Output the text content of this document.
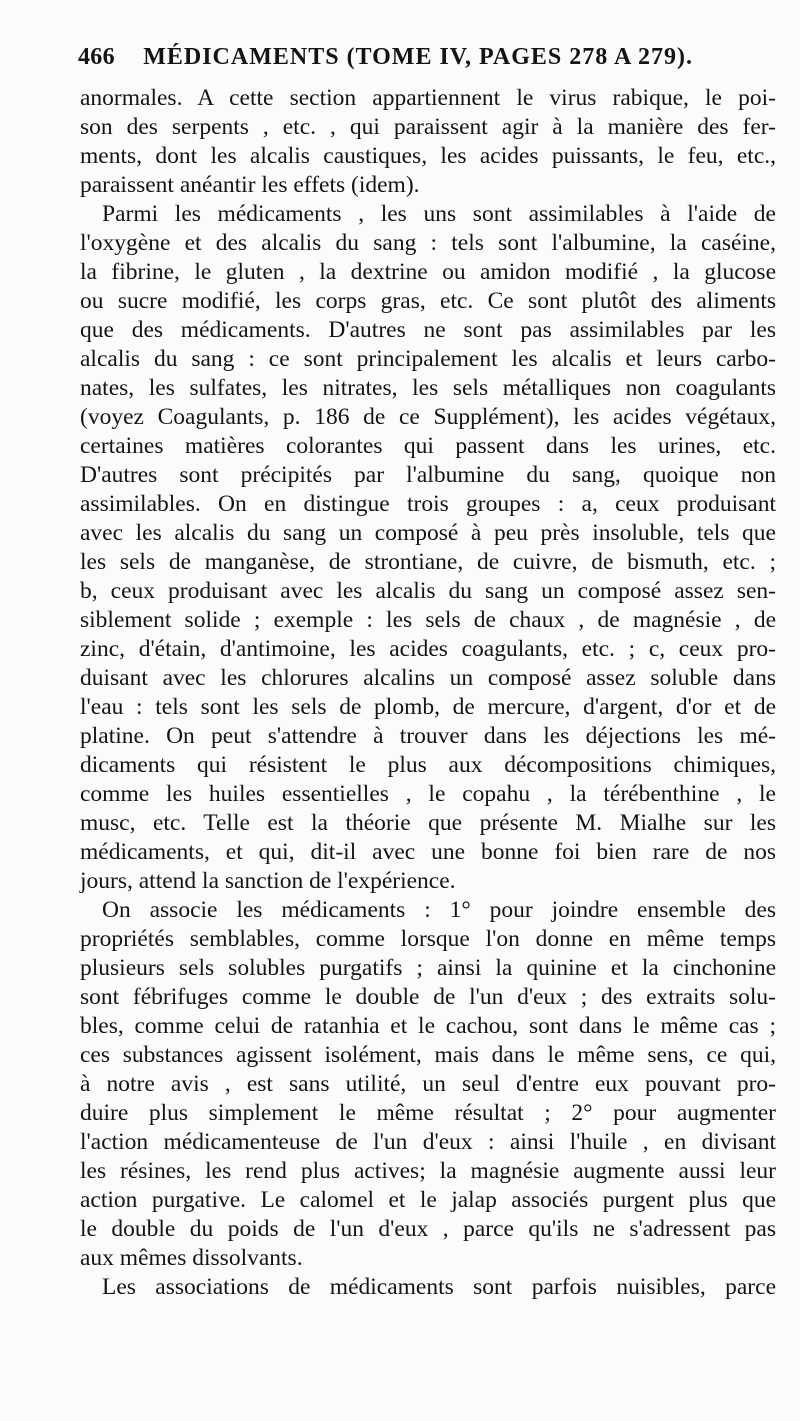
466 MÉDICAMENTS (TOME IV, PAGES 278 A 279).
anormales. A cette section appartiennent le virus rabique, le poi-
son des serpents , etc. , qui paraissent agir à la manière des fer-
ments, dont les alcalis caustiques, les acides puissants, le feu, etc.,
paraissent anéantir les effets (idem).
Parmi les médicaments , les uns sont assimilables à l'aide de
l'oxygène et des alcalis du sang : tels sont l'albumine, la caséine,
la fibrine, le gluten , la dextrine ou amidon modifié , la glucose
ou sucre modifié, les corps gras, etc. Ce sont plutôt des aliments
que des médicaments. D'autres ne sont pas assimilables par les
alcalis du sang : ce sont principalement les alcalis et leurs carbo-
nates, les sulfates, les nitrates, les sels métalliques non coagulants
(voyez Coagulants, p. 186 de ce Supplément), les acides végétaux,
certaines matières colorantes qui passent dans les urines, etc.
D'autres sont précipités par l'albumine du sang, quoique non
assimilables. On en distingue trois groupes : a, ceux produisant
avec les alcalis du sang un composé à peu près insoluble, tels que
les sels de manganèse, de strontiane, de cuivre, de bismuth, etc. ;
b, ceux produisant avec les alcalis du sang un composé assez sen-
siblement solide ; exemple : les sels de chaux , de magnésie , de
zinc, d'étain, d'antimoine, les acides coagulants, etc. ; c, ceux pro-
duisant avec les chlorures alcalins un composé assez soluble dans
l'eau : tels sont les sels de plomb, de mercure, d'argent, d'or et de
platine. On peut s'attendre à trouver dans les déjections les mé-
dicaments qui résistent le plus aux décompositions chimiques,
comme les huiles essentielles , le copahu , la térébenthine , le
musc, etc. Telle est la théorie que présente M. Mialhe sur les
médicaments, et qui, dit-il avec une bonne foi bien rare de nos
jours, attend la sanction de l'expérience.
On associe les médicaments : 1° pour joindre ensemble des
propriétés semblables, comme lorsque l'on donne en même temps
plusieurs sels solubles purgatifs ; ainsi la quinine et la cinchonine
sont fébrifuges comme le double de l'un d'eux ; des extraits solu-
bles, comme celui de ratanhia et le cachou, sont dans le même cas ;
ces substances agissent isolément, mais dans le même sens, ce qui,
à notre avis , est sans utilité, un seul d'entre eux pouvant pro-
duire plus simplement le même résultat ; 2° pour augmenter
l'action médicamenteuse de l'un d'eux : ainsi l'huile , en divisant
les résines, les rend plus actives; la magnésie augmente aussi leur
action purgative. Le calomel et le jalap associés purgent plus que
le double du poids de l'un d'eux , parce qu'ils ne s'adressent pas
aux mêmes dissolvants.
Les associations de médicaments sont parfois nuisibles, parce
